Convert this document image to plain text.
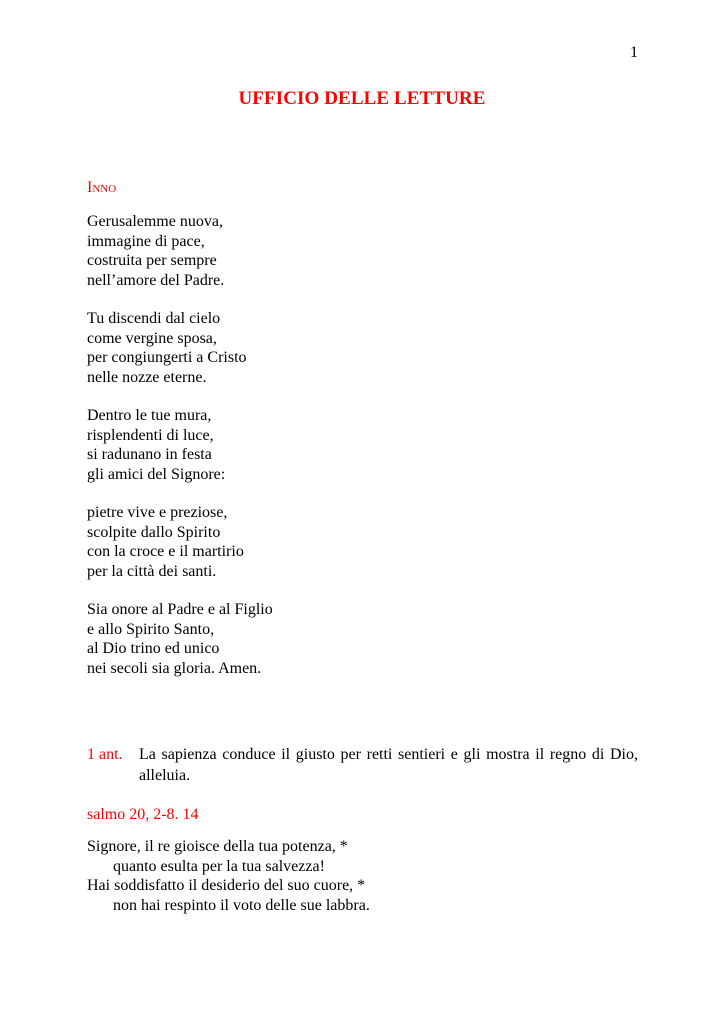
1
UFFICIO DELLE LETTURE
Inno
Gerusalemme nuova,
immagine di pace,
costruita per sempre
nell’amore del Padre.
Tu discendi dal cielo
come vergine sposa,
per congiungerti a Cristo
nelle nozze eterne.
Dentro le tue mura,
risplendenti di luce,
si radunano in festa
gli amici del Signore:
pietre vive e preziose,
scolpite dallo Spirito
con la croce e il martirio
per la città dei santi.
Sia onore al Padre e al Figlio
e allo Spirito Santo,
al Dio trino ed unico
nei secoli sia gloria. Amen.
1 ant. La sapienza conduce il giusto per retti sentieri e gli mostra il regno di Dio, alleluia.
salmo 20, 2-8. 14
Signore, il re gioisce della tua potenza, *
quanto esulta per la tua salvezza!
Hai soddisfatto il desiderio del suo cuore, *
non hai respinto il voto delle sue labbra.
